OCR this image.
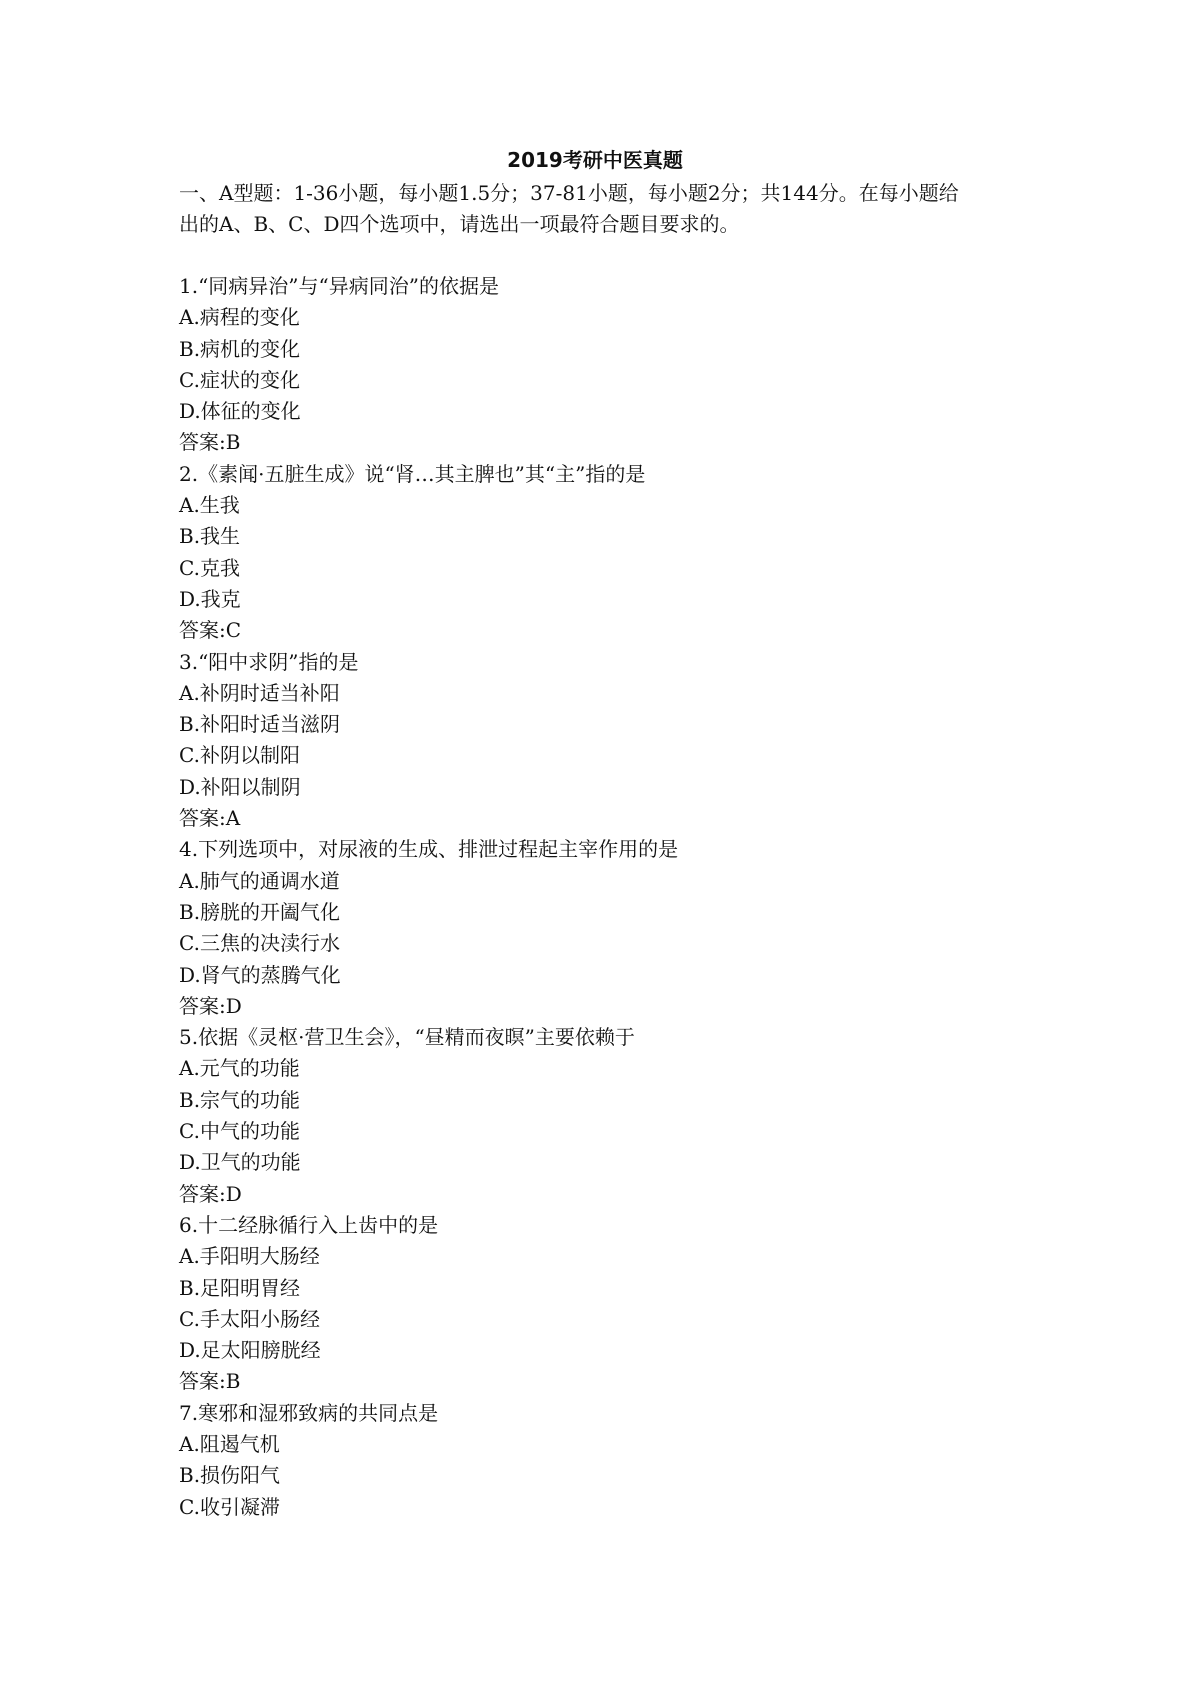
2019考研中医真题
一、A型题：1-36小题，每小题1.5分；37-81小题，每小题2分；共144分。在每小题给
出的A、B、C、D四个选项中，请选出一项最符合题目要求的。
1.“同病异治”与“异病同治”的依据是
A.病程的变化
B.病机的变化
C.症状的变化
D.体征的变化
答案:B
2.《素闻·五脏生成》说“肾…其主脾也”其“主”指的是
A.生我
B.我生
C.克我
D.我克
答案:C
3.“阳中求阴”指的是
A.补阴时适当补阳
B.补阳时适当滋阴
C.补阴以制阳
D.补阳以制阴
答案:A
4.下列选项中，对尿液的生成、排泄过程起主宰作用的是
A.肺气的通调水道
B.膀胱的开阖气化
C.三焦的决渎行水
D.肾气的蒸腾气化
答案:D
5.依据《灵枢·营卫生会》，“昼精而夜暝”主要依赖于
A.元气的功能
B.宗气的功能
C.中气的功能
D.卫气的功能
答案:D
6.十二经脉循行入上齿中的是
A.手阳明大肠经
B.足阳明胃经
C.手太阳小肠经
D.足太阳膀胱经
答案:B
7.寒邪和湿邪致病的共同点是
A.阻遏气机
B.损伤阳气
C.收引凝滞
